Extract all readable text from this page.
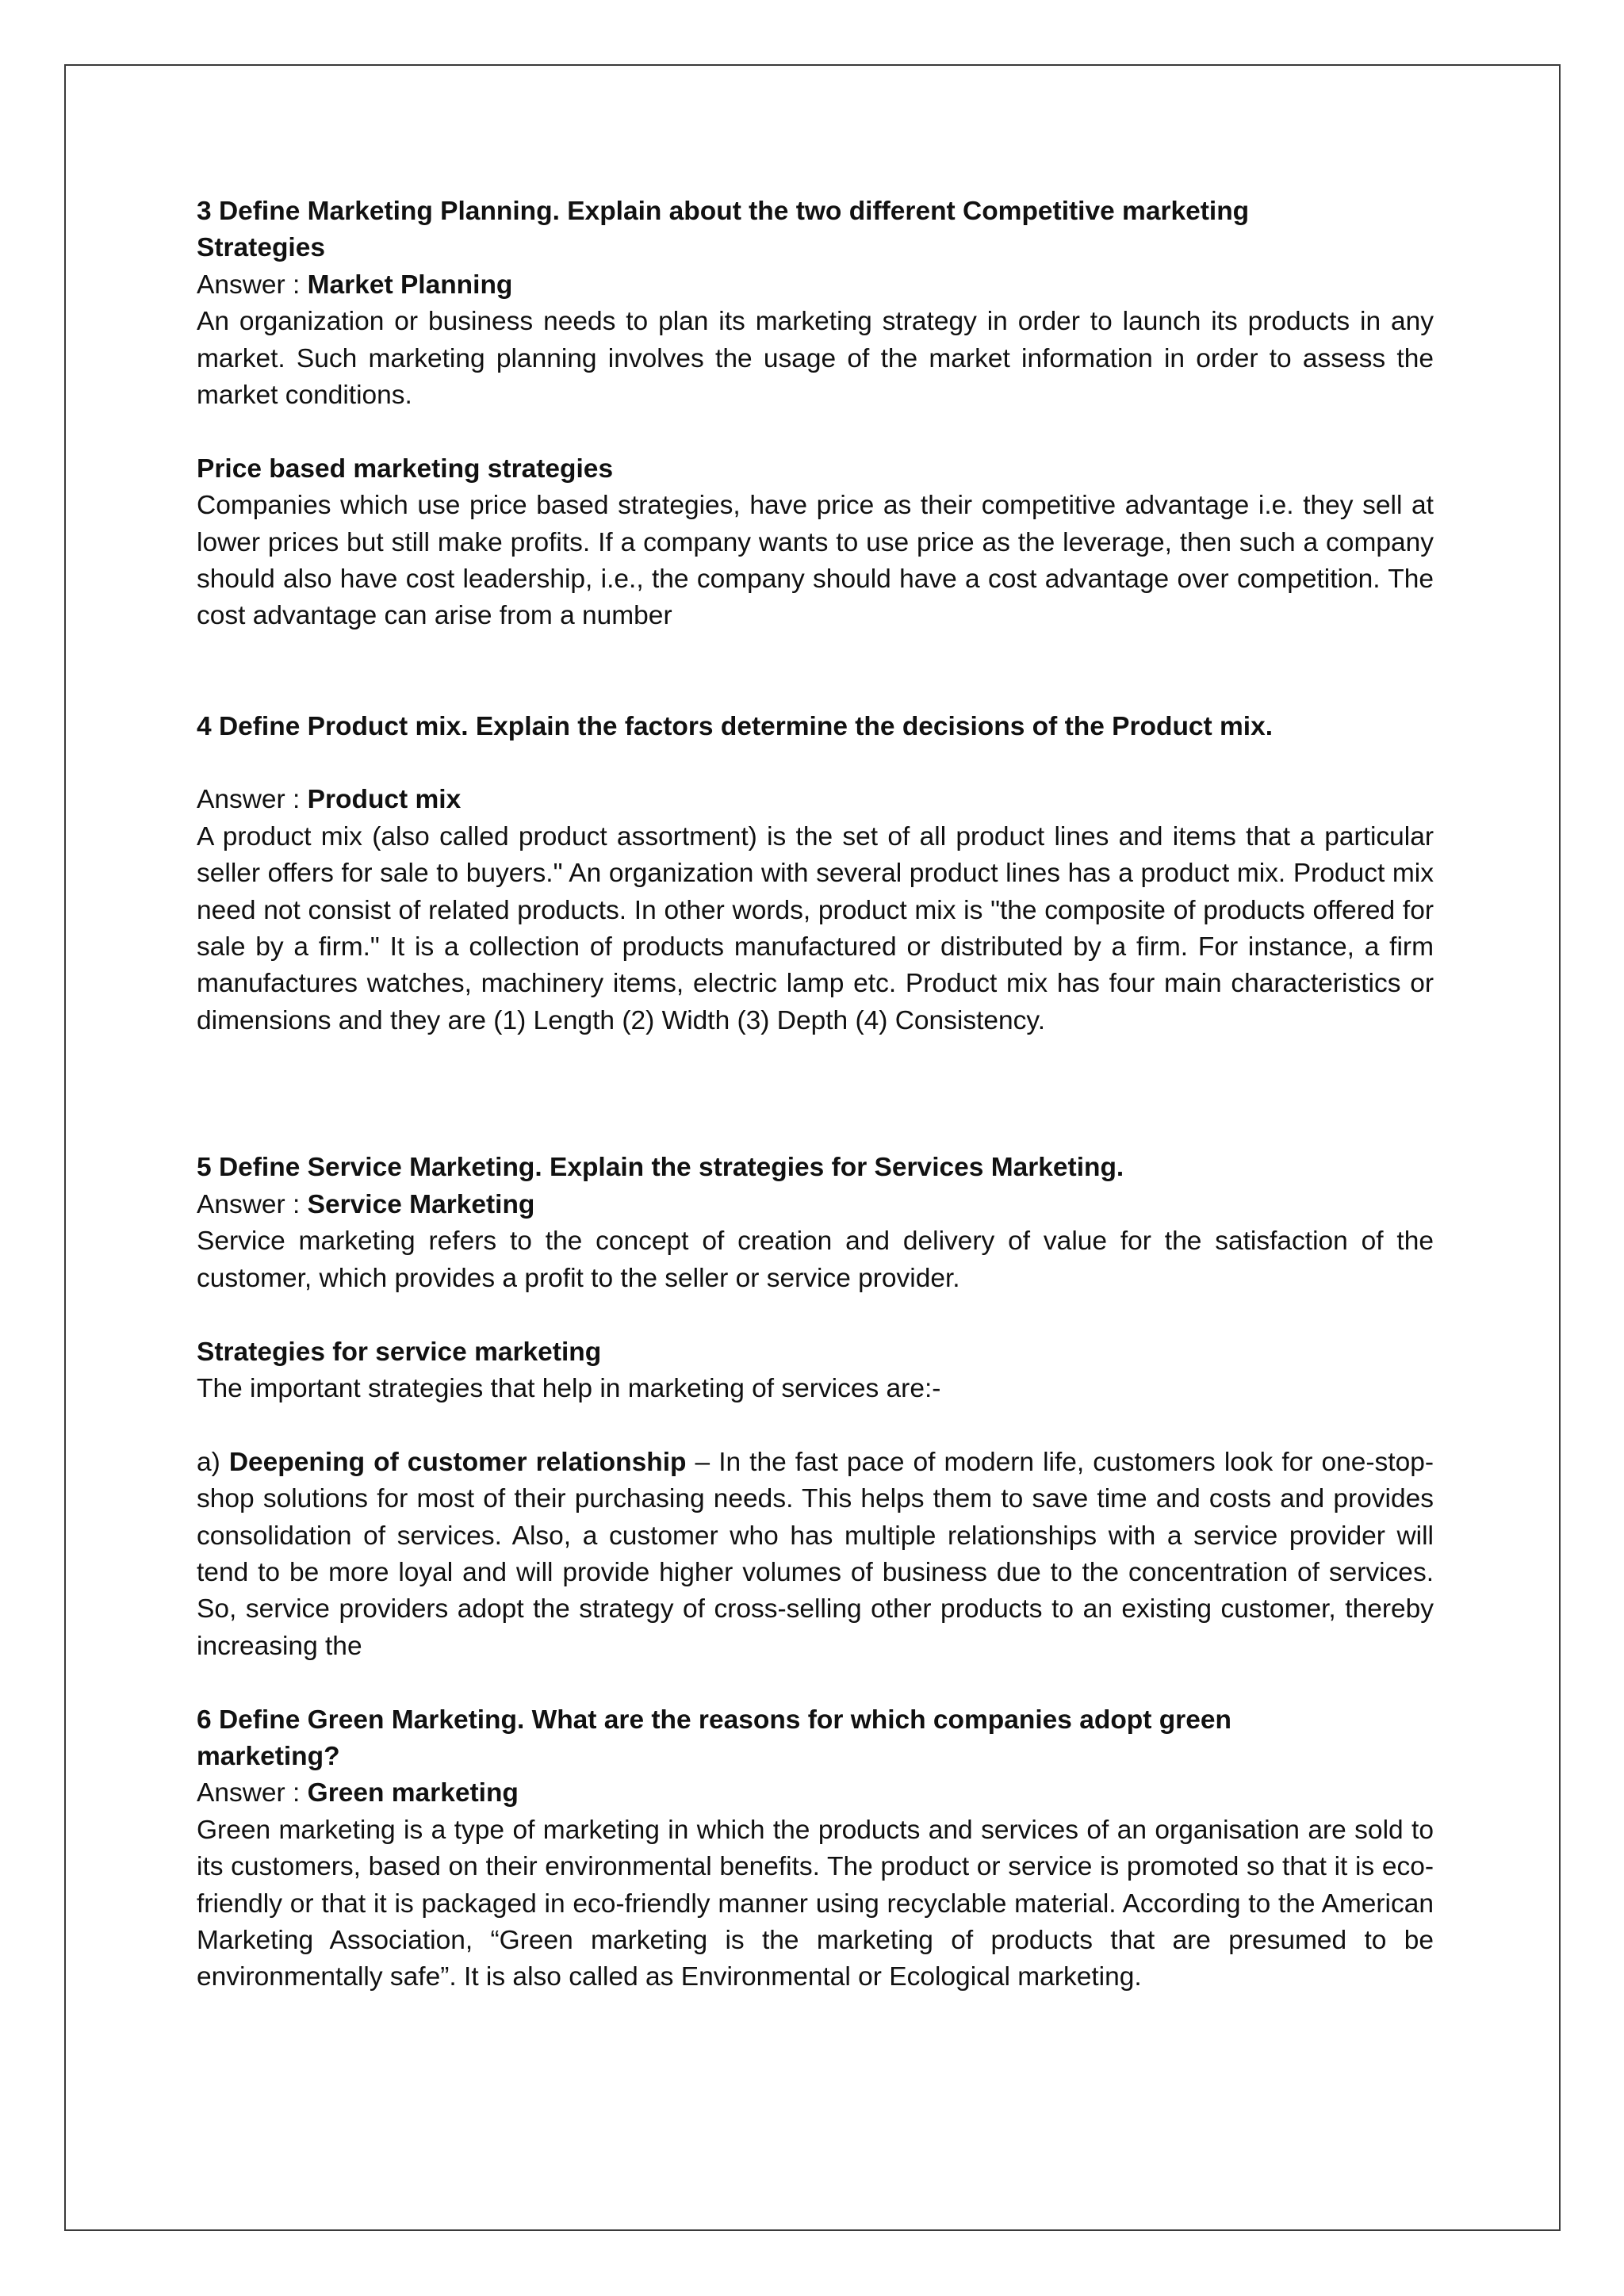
3 Define Marketing Planning. Explain about the two different Competitive marketing

Strategies

Answer : Market Planning

An organization or business needs to plan its marketing strategy in order to launch its products in any market. Such marketing planning involves the usage of the market information in order to assess the market conditions.

Price based marketing strategies

Companies which use price based strategies, have price as their competitive advantage i.e. they sell at lower prices but still make profits. If a company wants to use price as the leverage, then such a company should also have cost leadership, i.e., the company should have a cost advantage over competition. The cost advantage can arise from a number

4 Define Product mix. Explain the factors determine the decisions of the Product mix.

Answer : Product mix

A product mix (also called product assortment) is the set of all product lines and items that a particular seller offers for sale to buyers." An organization with several product lines has a product mix. Product mix need not consist of related products. In other words, product mix is "the composite of products offered for sale by a firm." It is a collection of products manufactured or distributed by a firm. For instance, a firm manufactures watches, machinery items, electric lamp etc. Product mix has four main characteristics or dimensions and they are (1) Length (2) Width (3) Depth (4) Consistency.

5 Define Service Marketing. Explain the strategies for Services Marketing.

Answer : Service Marketing

Service marketing refers to the concept of creation and delivery of value for the satisfaction of the customer, which provides a profit to the seller or service provider.

Strategies for service marketing

The important strategies that help in marketing of services are:-

a) Deepening of customer relationship – In the fast pace of modern life, customers look for one-stop-shop solutions for most of their purchasing needs. This helps them to save time and costs and provides consolidation of services. Also, a customer who has multiple relationships with a service provider will tend to be more loyal and will provide higher volumes of business due to the concentration of services. So, service providers adopt the strategy of cross-selling other products to an existing customer, thereby increasing the

6 Define Green Marketing. What are the reasons for which companies adopt green

marketing?

Answer : Green marketing

Green marketing is a type of marketing in which the products and services of an organisation are sold to its customers, based on their environmental benefits. The product or service is promoted so that it is eco-friendly or that it is packaged in eco-friendly manner using recyclable material. According to the American Marketing Association, “Green marketing is the marketing of products that are presumed to be environmentally safe”. It is also called as Environmental or Ecological marketing.
